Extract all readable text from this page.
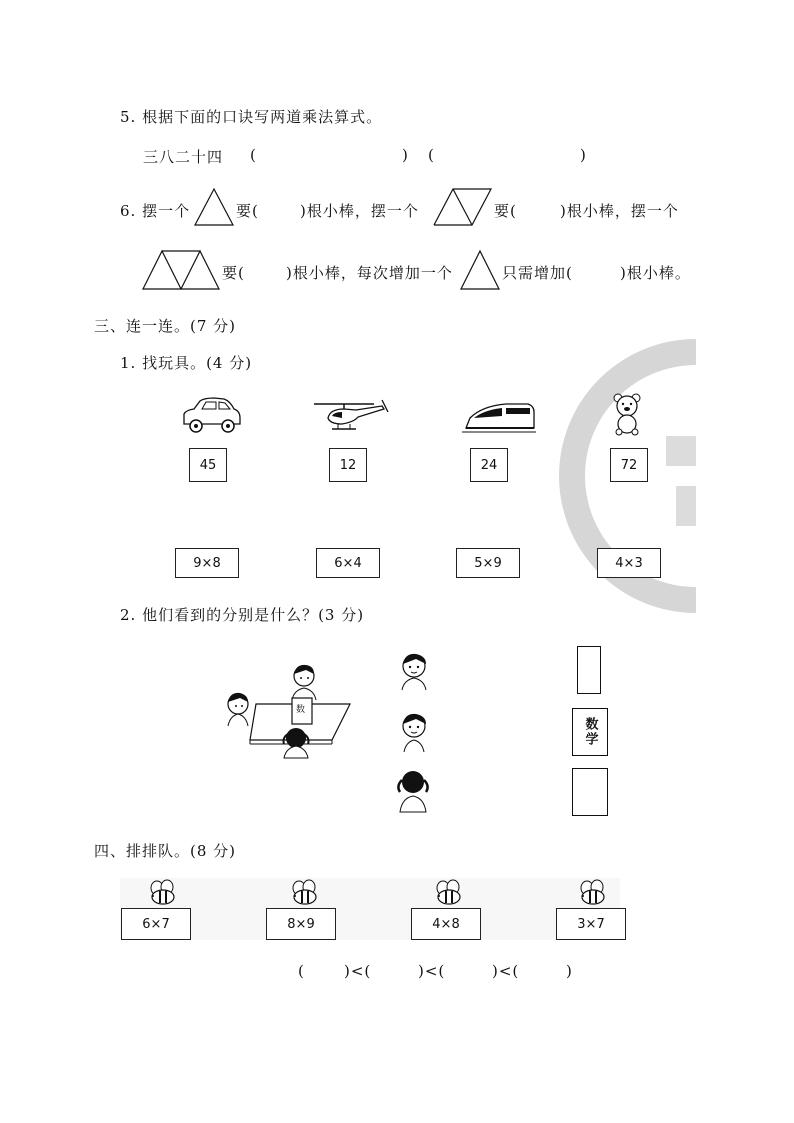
5. 根据下面的口诀写两道乘法算式。
三八二十四 (	) (	)
6. 摆一个	要(	)根小棒，摆一个	要(	)根小棒，摆一个
要(	)根小棒，每次增加一个	只需增加(	)根小棒。
三、连一连。(7 分)
1. 找玩具。(4 分)
45	12	24	72
9×8	6×4	5×9	4×3
2. 他们看到的分别是什么？(3 分)
数
数学
四、排排队。(8 分)
6×7	8×9	4×8	3×7
(	)<(	)<(	)<(	)
